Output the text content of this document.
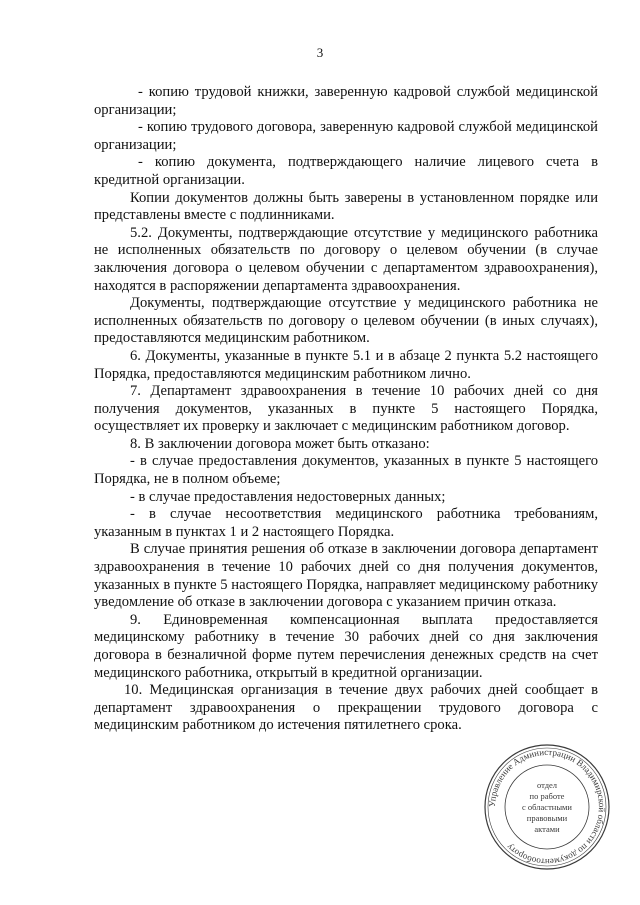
3

- копию трудовой книжки, заверенную кадровой службой медицинской организации;

- копию трудового договора, заверенную кадровой службой медицинской организации;

- копию документа, подтверждающего наличие лицевого счета в кредитной организации.

Копии документов должны быть заверены в установленном порядке или представлены вместе с подлинниками.

5.2. Документы, подтверждающие отсутствие у медицинского работника не исполненных обязательств по договору о целевом обучении (в случае заключения договора о целевом обучении с департаментом здравоохранения), находятся в распоряжении департамента здравоохранения.

Документы, подтверждающие отсутствие у медицинского работника не исполненных обязательств по договору о целевом обучении (в иных случаях), предоставляются медицинским работником.

6. Документы, указанные в пункте 5.1 и в абзаце 2 пункта 5.2 настоящего Порядка, предоставляются медицинским работником лично.

7. Департамент здравоохранения в течение 10 рабочих дней со дня получения документов, указанных в пункте 5 настоящего Порядка, осуществляет их проверку и заключает с медицинским работником договор.

8. В заключении договора может быть отказано:

- в случае предоставления документов, указанных в пункте 5 настоящего Порядка, не в полном объеме;

- в случае предоставления недостоверных данных;

- в случае несоответствия медицинского работника требованиям, указанным в пунктах 1 и 2 настоящего Порядка.

В случае принятия решения об отказе в заключении договора департамент здравоохранения в течение 10 рабочих дней со дня получения документов, указанных в пункте 5 настоящего Порядка, направляет медицинскому работнику уведомление об отказе в заключении договора с указанием причин отказа.

9. Единовременная компенсационная выплата предоставляется медицинскому работнику в течение 30 рабочих дней со дня заключения договора в безналичной форме путем перечисления денежных средств на счет медицинского работника, открытый в кредитной организации.

10. Медицинская организация в течение двух рабочих дней сообщает в департамент здравоохранения о прекращении трудового договора с медицинским работником до истечения пятилетнего срока.

Управление Администрации Владимирской области по документообороту
отдел
по работе
с областными
правовыми
актами
